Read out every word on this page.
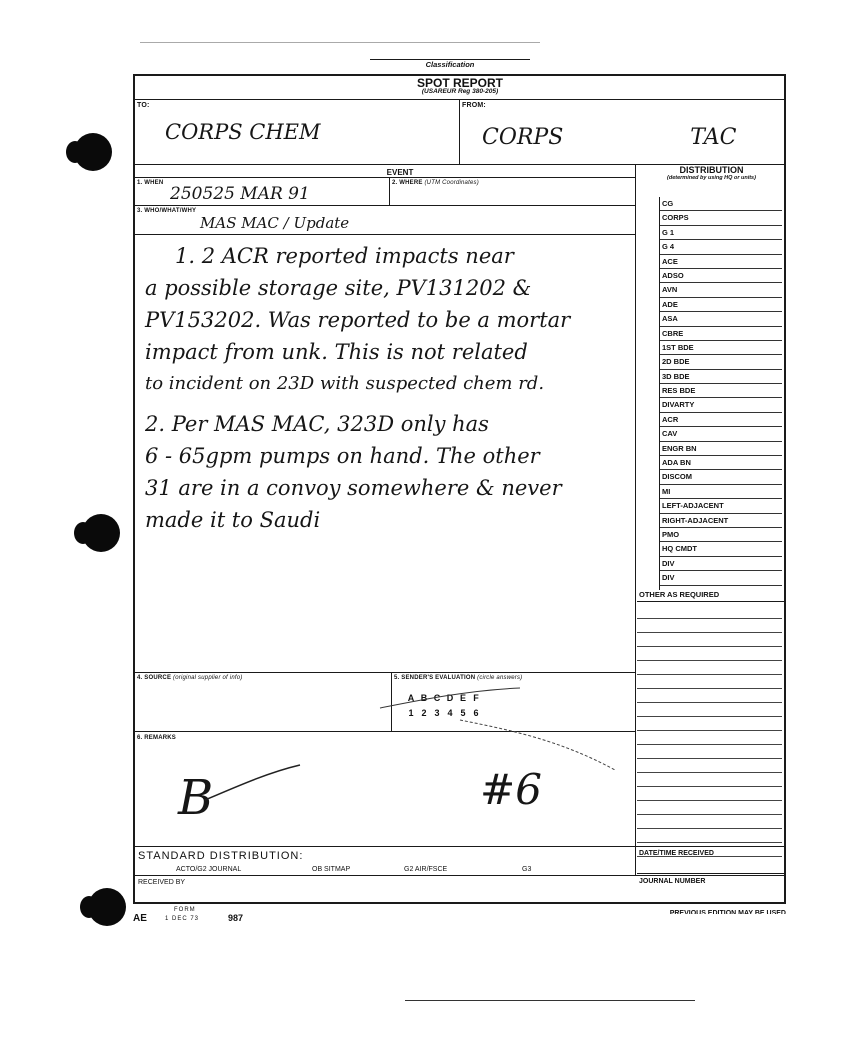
Classification
SPOT REPORT
(USAREUR Reg 380-205)
TO:
CORPS CHEM
FROM:
CORPS TAC
EVENT
1. WHEN
250525 MAR 91
2. WHERE (UTM Coordinates)
3. WHO/WHAT/WHY
MAS MAC / Update
1. 2 ACR reported impacts near
a possible storage site, PV131202 &
PV153202. Was reported to be a mortar
impact from unk. This is not related
to incident on 23D with suspected chem rd.
2. Per MAS MAC, 323D only has
6 - 65gpm pumps on hand. The other
31 are in a convoy somewhere & never
made it to Saudi
DISTRIBUTION
(determined by using HQ or units)
CG
CORPS
G 1
G 4
ACE
ADSO
AVN
ADE
ASA
CBRE
1ST BDE
2D BDE
3D BDE
RES BDE
DIVARTY
ACR
CAV
ENGR BN
ADA BN
DISCOM
MI
LEFT-ADJACENT
RIGHT-ADJACENT
PMO
HQ CMDT
DIV
DIV
OTHER AS REQUIRED
4. SOURCE (original supplier of info)	5. SENDER'S EVALUATION (circle answers)
A B C D E F
1 2 3 4 5 6
6. REMARKS
B	#6
STANDARD DISTRIBUTION:
ACTO/G2 JOURNAL	OB SITMAP	G2 AIR/FSCE	G3
RECEIVED BY
DATE/TIME RECEIVED
JOURNAL NUMBER
FORM
AE	1 DEC 73	987	PREVIOUS EDITION MAY BE USED
